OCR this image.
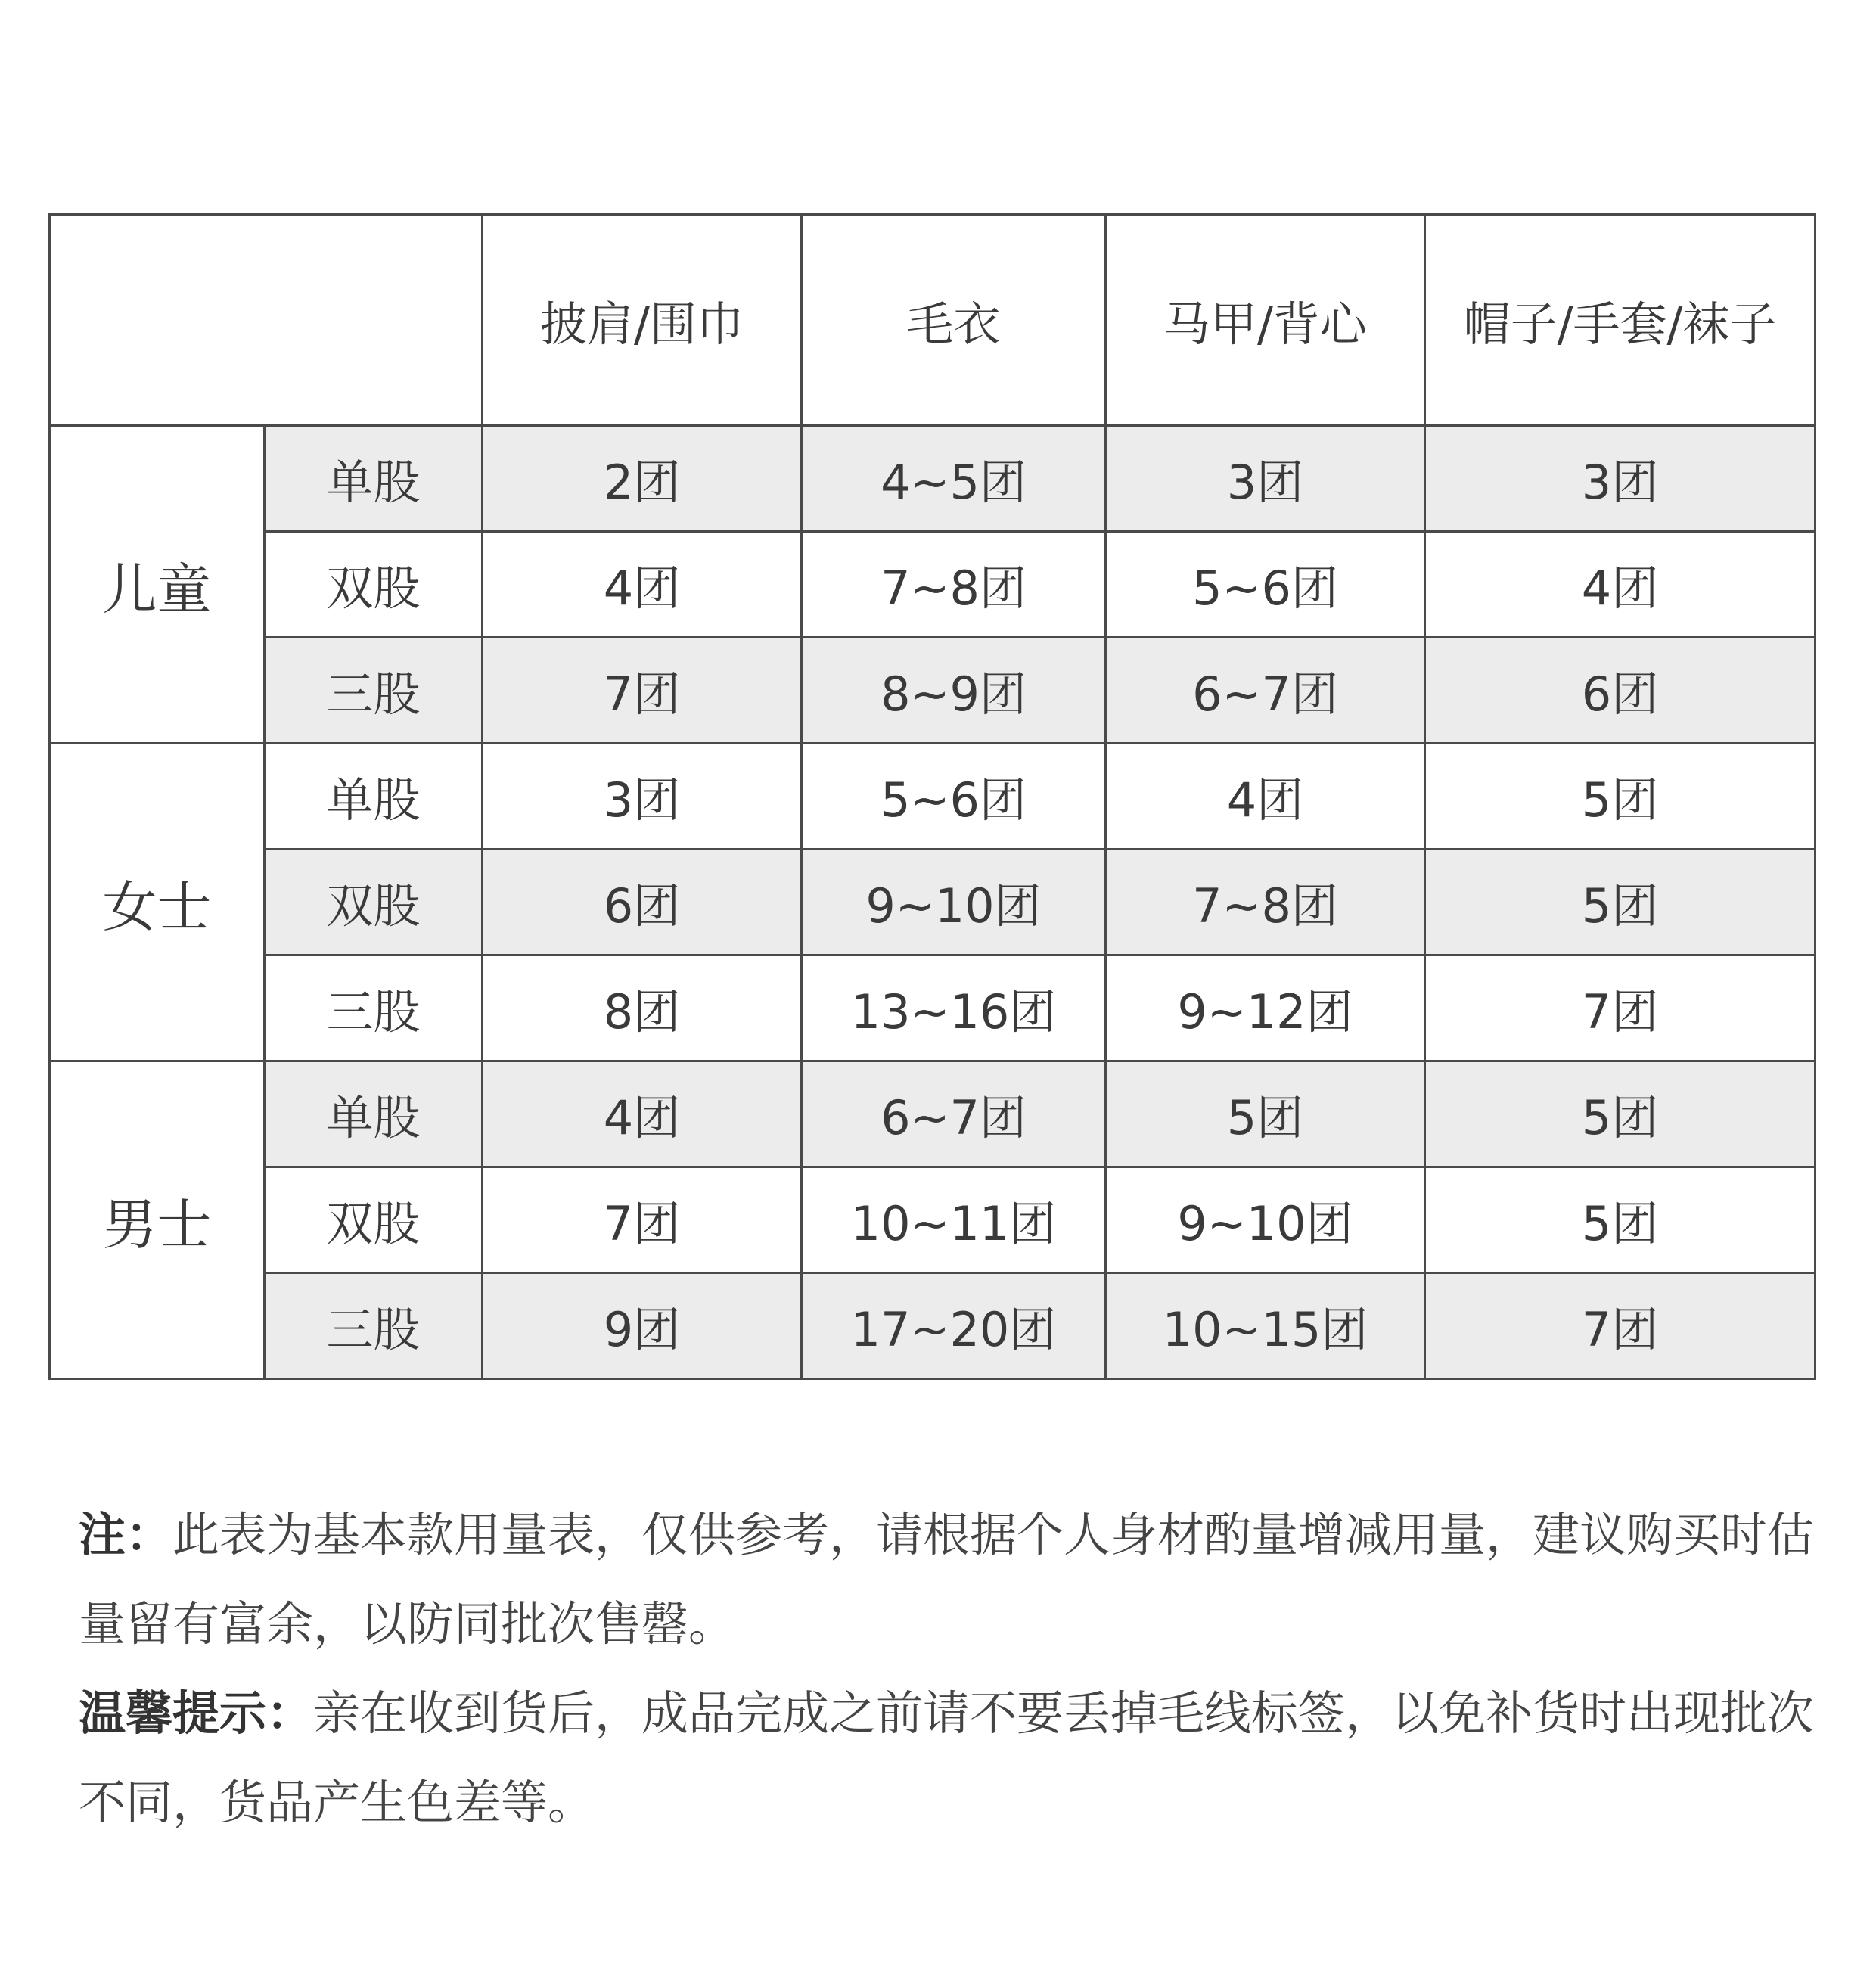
		披肩/围巾	毛衣	马甲/背心	帽子/手套/袜子
儿童	单股	2团	4~5团	3团	3团
	双股	4团	7~8团	5~6团	4团
	三股	7团	8~9团	6~7团	6团
女士	单股	3团	5~6团	4团	5团
	双股	6团	9~10团	7~8团	5团
	三股	8团	13~16团	9~12团	7团
男士	单股	4团	6~7团	5团	5团
	双股	7团	10~11团	9~10团	5团
	三股	9团	17~20团	10~15团	7团

注：此表为基本款用量表，仅供参考，请根据个人身材酌量增减用量，建议购买时估量留有富余，以防同批次售罄。

温馨提示：亲在收到货后，成品完成之前请不要丢掉毛线标签，以免补货时出现批次不同，货品产生色差等。
